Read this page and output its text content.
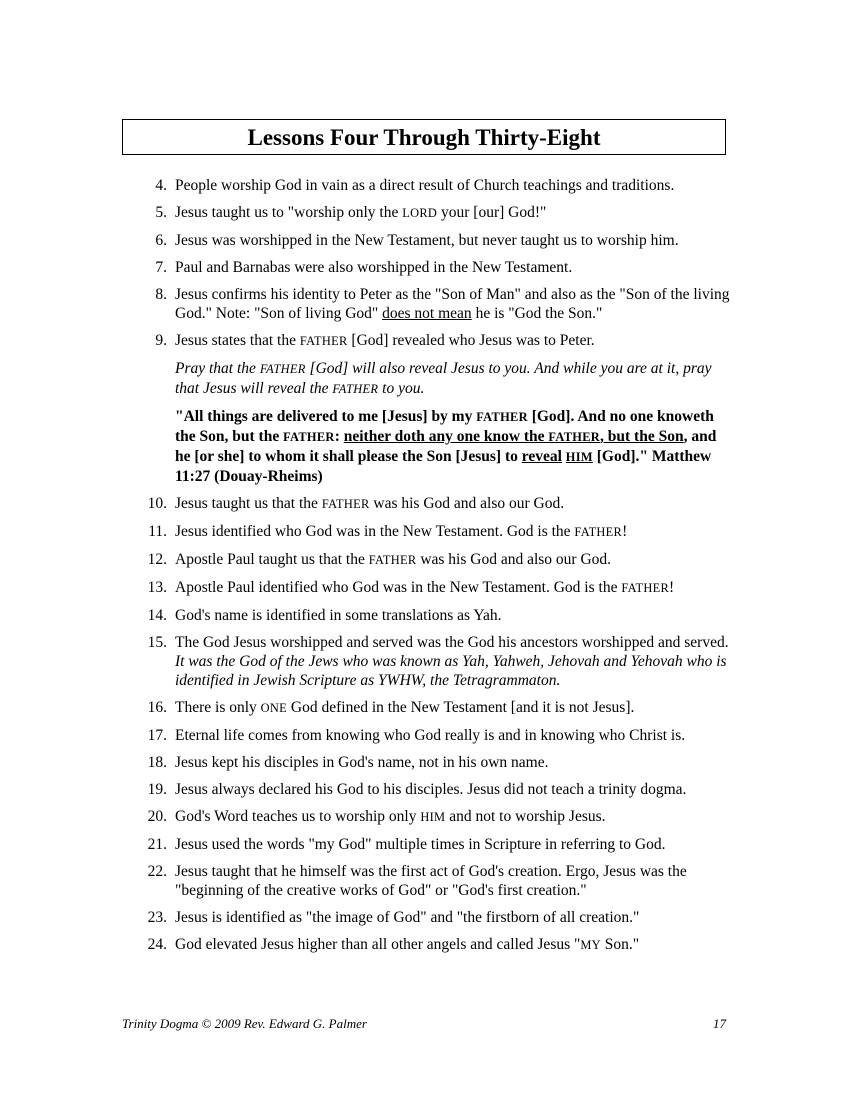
Lessons Four Through Thirty-Eight
4. People worship God in vain as a direct result of Church teachings and traditions.
5. Jesus taught us to "worship only the LORD your [our] God!"
6. Jesus was worshipped in the New Testament, but never taught us to worship him.
7. Paul and Barnabas were also worshipped in the New Testament.
8. Jesus confirms his identity to Peter as the "Son of Man" and also as the "Son of the living God." Note: "Son of living God" does not mean he is "God the Son."
9. Jesus states that the FATHER [God] revealed who Jesus was to Peter.
Pray that the FATHER [God] will also reveal Jesus to you. And while you are at it, pray that Jesus will reveal the FATHER to you.
"All things are delivered to me [Jesus] by my FATHER [God]. And no one knoweth the Son, but the FATHER: neither doth any one know the FATHER, but the Son, and he [or she] to whom it shall please the Son [Jesus] to reveal HIM [God]." Matthew 11:27 (Douay-Rheims)
10. Jesus taught us that the FATHER was his God and also our God.
11. Jesus identified who God was in the New Testament. God is the FATHER!
12. Apostle Paul taught us that the FATHER was his God and also our God.
13. Apostle Paul identified who God was in the New Testament. God is the FATHER!
14. God's name is identified in some translations as Yah.
15. The God Jesus worshipped and served was the God his ancestors worshipped and served. It was the God of the Jews who was known as Yah, Yahweh, Jehovah and Yehovah who is identified in Jewish Scripture as YWHW, the Tetragrammaton.
16. There is only ONE God defined in the New Testament [and it is not Jesus].
17. Eternal life comes from knowing who God really is and in knowing who Christ is.
18. Jesus kept his disciples in God's name, not in his own name.
19. Jesus always declared his God to his disciples. Jesus did not teach a trinity dogma.
20. God's Word teaches us to worship only HIM and not to worship Jesus.
21. Jesus used the words "my God" multiple times in Scripture in referring to God.
22. Jesus taught that he himself was the first act of God's creation. Ergo, Jesus was the "beginning of the creative works of God" or "God's first creation."
23. Jesus is identified as "the image of God" and "the firstborn of all creation."
24. God elevated Jesus higher than all other angels and called Jesus "MY Son."
Trinity Dogma © 2009 Rev. Edward G. Palmer	17
